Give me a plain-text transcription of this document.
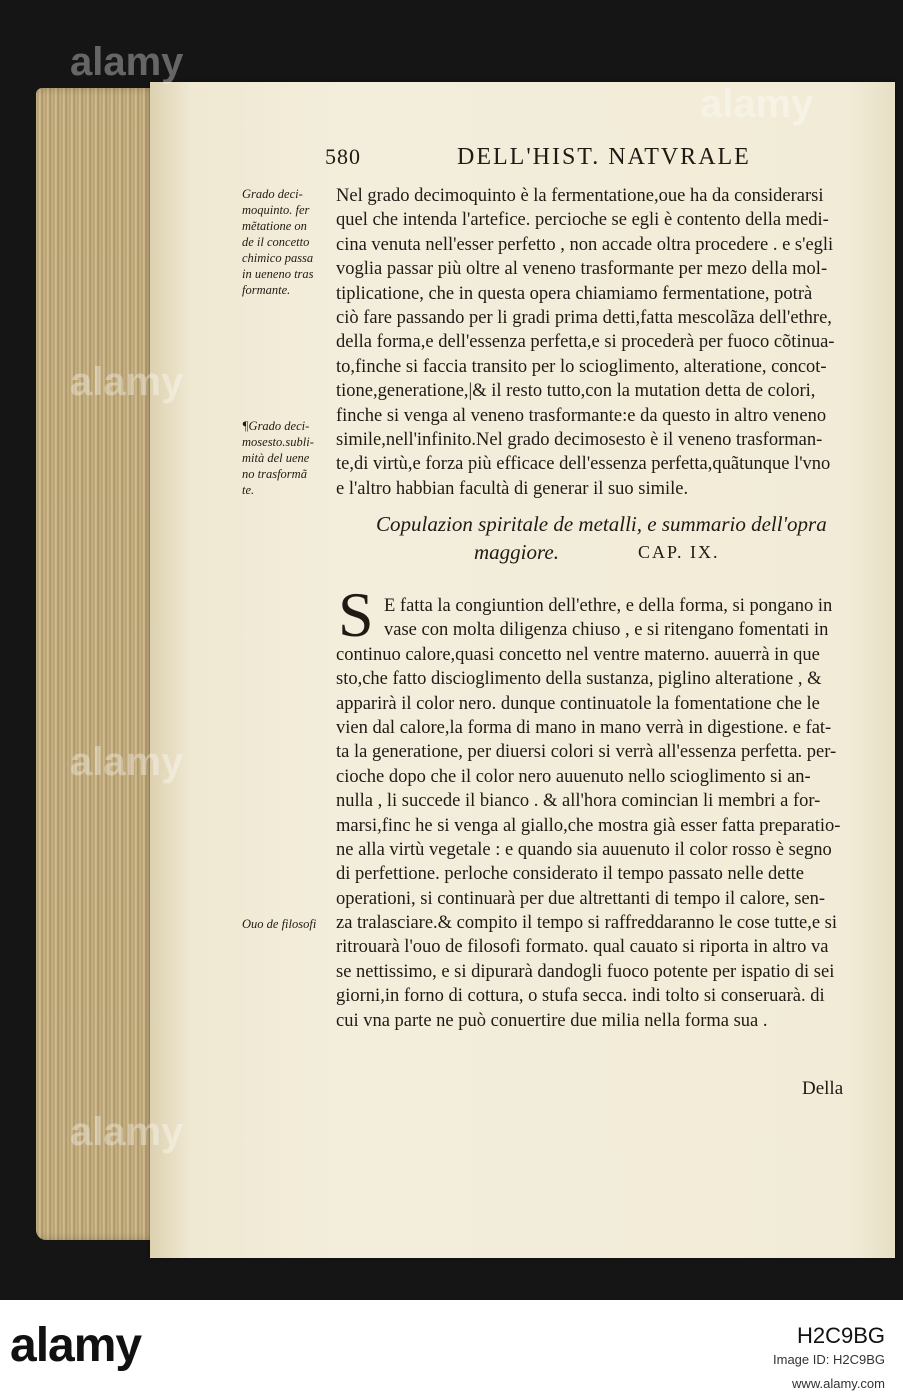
alamy
alamy
alamy
alamy
alamy
580	DELL'HIST. NATVRALE
Grado deci-
moquinto. fer
mẽtatione on
de il concetto
chimico passa
in ueneno tras
formante.
¶Grado deci-
mosesto.subli-
mità del uene
no trasformã
te.
Ouo de filosofi
Nel grado decimoquinto è la fermentatione,oue ha da considerarsi
quel che intenda l'artefice. percioche se egli è contento della medi-
cina venuta nell'esser perfetto , non accade oltra procedere . e s'egli
voglia passar più oltre al veneno trasformante per mezo della mol-
tiplicatione, che in questa opera chiamiamo fermentatione, potrà
ciò fare passando per li gradi prima detti,fatta mescolãza dell'ethre,
della forma,e dell'essenza perfetta,e si procederà per fuoco cõtinua-
to,finche si faccia transito per lo scioglimento, alteratione, concot-
tione,generatione,|& il resto tutto,con la mutation detta de colori,
finche si venga al veneno trasformante:e da questo in altro veneno
simile,nell'infinito.Nel grado decimosesto è il veneno trasforman-
te,di virtù,e forza più efficace dell'essenza perfetta,quãtunque l'vno
e l'altro habbian facultà di generar il suo simile.
Copulazion spiritale de metalli, e summario dell'opra
maggiore.	CAP. IX.
S E fatta la congiuntion dell'ethre, e della forma, si pongano in
vase con molta diligenza chiuso , e si ritengano fomentati in
continuo calore,quasi concetto nel ventre materno. auuerrà in que
sto,che fatto discioglimento della sustanza, piglino alteratione , &
apparirà il color nero. dunque continuatole la fomentatione che le
vien dal calore,la forma di mano in mano verrà in digestione. e fat-
ta la generatione, per diuersi colori si verrà all'essenza perfetta. per-
cioche dopo che il color nero auuenuto nello scioglimento si an-
nulla , li succede il bianco . & all'hora comincian li membri a for-
marsi,finc he si venga al giallo,che mostra già esser fatta preparatio-
ne alla virtù vegetale : e quando sia auuenuto il color rosso è segno
di perfettione. perloche considerato il tempo passato nelle dette
operationi, si continuarà per due altrettanti di tempo il calore, sen-
za tralasciare.& compito il tempo si raffreddaranno le cose tutte,e si
ritrouarà l'ouo de filosofi formato. qual cauato si riporta in altro va
se nettissimo, e si dipurarà dandogli fuoco potente per ispatio di sei
giorni,in forno di cottura, o stufa secca. indi tolto si conseruarà. di
cui vna parte ne può conuertire due milia nella forma sua .
Della
alamy	H2C9BG
Image ID: H2C9BG
www.alamy.com
